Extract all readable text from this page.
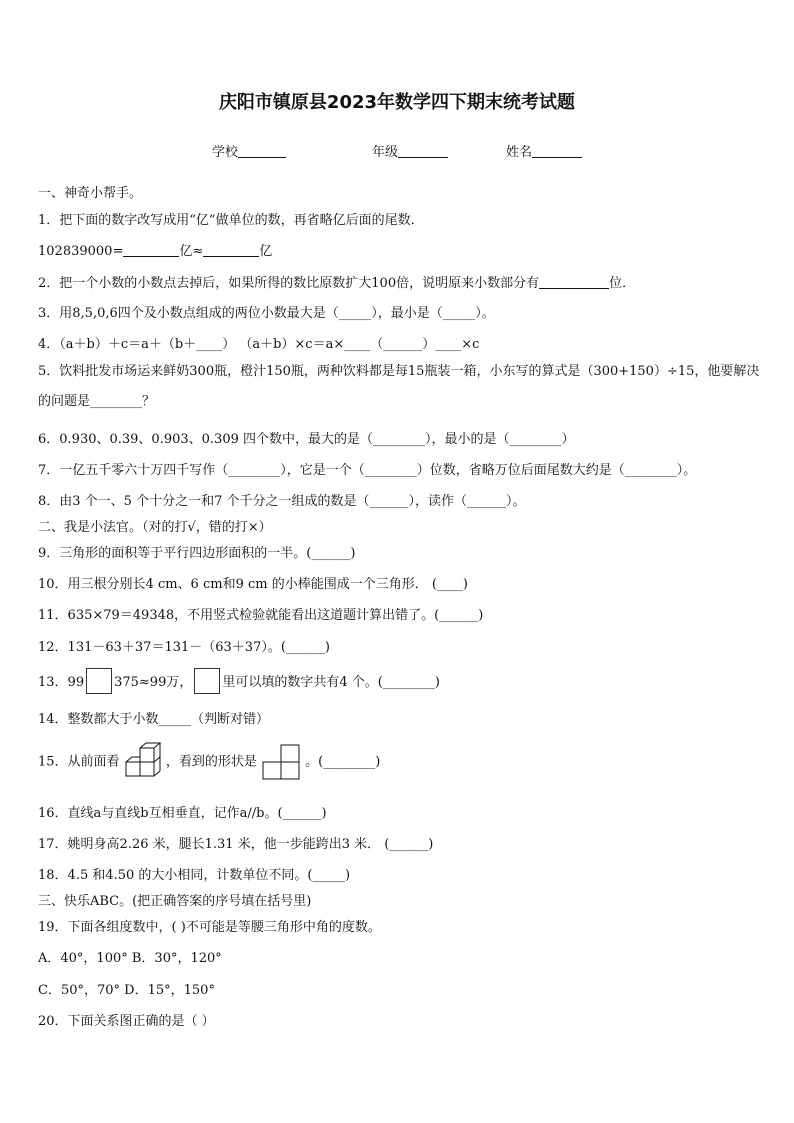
庆阳市镇原县2023年数学四下期末统考试题
学校	年级	姓名
一、神奇小帮手。
1．把下面的数字改写成用“亿”做单位的数，再省略亿后面的尾数．
102839000=	亿≈	亿
2．把一个小数的小数点去掉后，如果所得的数比原数扩大100倍，说明原来小数部分有	位．
3．用8,5,0,6四个及小数点组成的两位小数最大是（_____），最小是（_____）。
4．（a＋b）＋c＝a＋（b＋____） （a＋b）×c＝a×____（______）____×c
5．饮料批发市场运来鲜奶300瓶，橙汁150瓶，两种饮料都是每15瓶装一箱，小东写的算式是（300+150）÷15，他要解决的问题是________？
6．0.930、0.39、0.903、0.309 四个数中，最大的是（________），最小的是（________）
7．一亿五千零六十万四千写作（________），它是一个（________）位数，省略万位后面尾数大约是（________）。
8．由3 个一、5 个十分之一和7 个千分之一组成的数是（______），读作（______）。
二、我是小法官。（对的打√，错的打×）
9．三角形的面积等于平行四边形面积的一半。(______)
10．用三根分别长4 cm、6 cm和9 cm 的小棒能围成一个三角形． (____)
11．635×79＝49348，不用竖式检验就能看出这道题计算出错了。(______)
12．131－63＋37＝131－（63＋37）。(______)
13．99 375≈99万， 里可以填的数字共有4 个。(________)
14．整数都大于小数_____（判断对错）
15．从前面看	，看到的形状是	。(________)
16．直线a与直线b互相垂直，记作a//b。(______)
17．姚明身高2.26 米，腿长1.31 米，他一步能跨出3 米． (______)
18．4.5 和4.50 的大小相同，计数单位不同。(_____)
三、快乐ABC。(把正确答案的序号填在括号里)
19．下面各组度数中，( )不可能是等腰三角形中角的度数。
A．40°，100° B．30°，120°
C．50°，70° D．15°，150°
20．下面关系图正确的是（ ）
